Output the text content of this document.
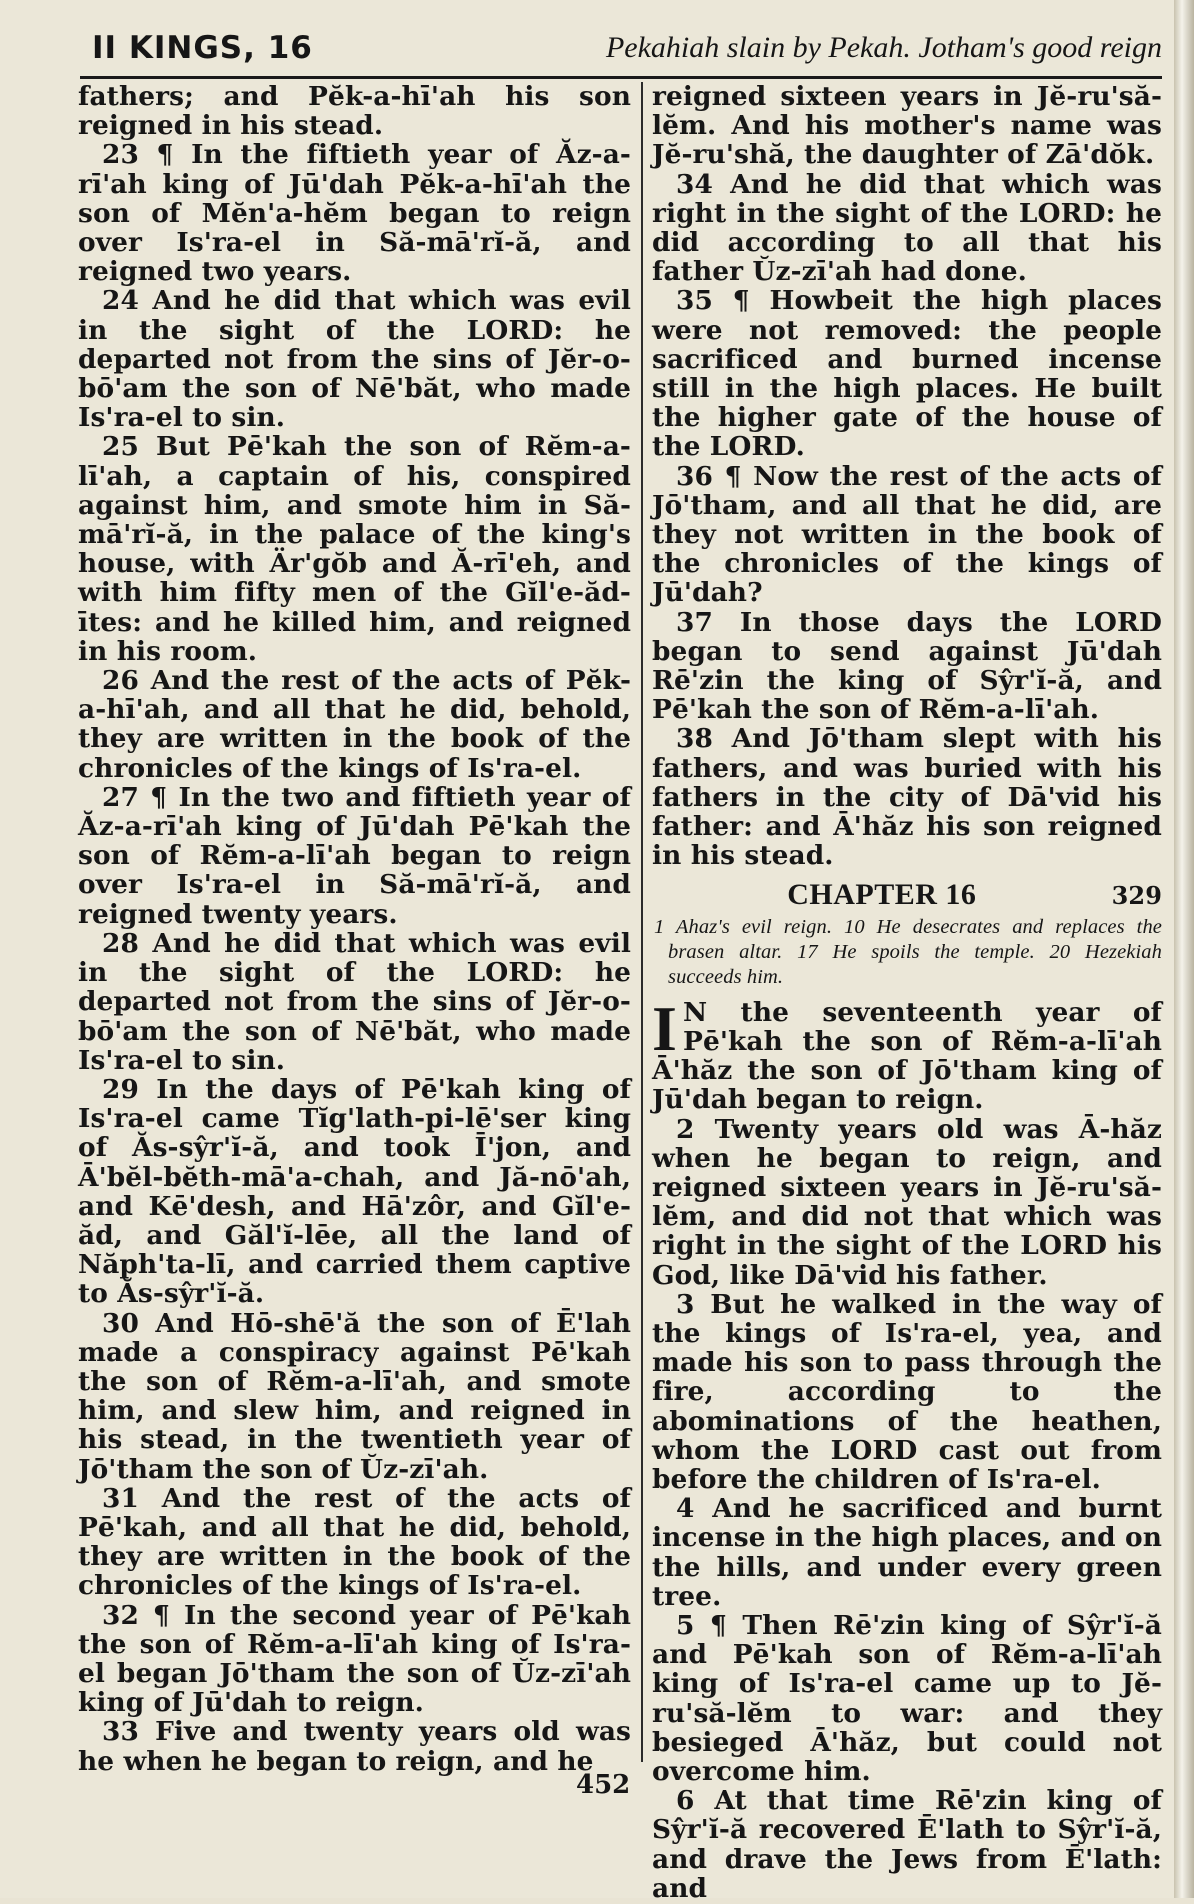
II KINGS, 16	Pekahiah slain by Pekah. Jotham's good reign

fathers; and Pĕk-a-hī'ah his son reigned in his stead.

23 ¶ In the fiftieth year of Ăz-a-rī'ah king of Jū'dah Pĕk-a-hī'ah the son of Mĕn'a-hĕm began to reign over Is'ra-el in Să-mā'rĭ-ă, and reigned two years.

24 And he did that which was evil in the sight of the LORD: he departed not from the sins of Jĕr-o-bō'am the son of Nē'băt, who made Is'ra-el to sin.

25 But Pē'kah the son of Rĕm-a-lī'ah, a captain of his, conspired against him, and smote him in Să-mā'rĭ-ă, in the palace of the king's house, with Är'gŏb and Ă-rī'eh, and with him fifty men of the Gĭl'e-ăd-ītes: and he killed him, and reigned in his room.

26 And the rest of the acts of Pĕk-a-hī'ah, and all that he did, behold, they are written in the book of the chronicles of the kings of Is'ra-el.

27 ¶ In the two and fiftieth year of Ăz-a-rī'ah king of Jū'dah Pē'kah the son of Rĕm-a-lī'ah began to reign over Is'ra-el in Să-mā'rĭ-ă, and reigned twenty years.

28 And he did that which was evil in the sight of the LORD: he departed not from the sins of Jĕr-o-bō'am the son of Nē'băt, who made Is'ra-el to sin.

29 In the days of Pē'kah king of Is'ra-el came Tĭg'lath-pi-lē'ser king of Ăs-sŷr'ĭ-ă, and took Ī'jon, and Ā'bĕl-bĕth-mā'a-chah, and Jă-nō'ah, and Kē'desh, and Hā'zôr, and Gĭl'e-ăd, and Găl'ĭ-lēe, all the land of Năph'ta-lī, and carried them captive to Ăs-sŷr'ĭ-ă.

30 And Hō-shē'ă the son of Ē'lah made a conspiracy against Pē'kah the son of Rĕm-a-lī'ah, and smote him, and slew him, and reigned in his stead, in the twentieth year of Jō'tham the son of Ŭz-zī'ah.

31 And the rest of the acts of Pē'kah, and all that he did, behold, they are written in the book of the chronicles of the kings of Is'ra-el.

32 ¶ In the second year of Pē'kah the son of Rĕm-a-lī'ah king of Is'ra-el began Jō'tham the son of Ŭz-zī'ah king of Jū'dah to reign.

33 Five and twenty years old was he when he began to reign, and he

reigned sixteen years in Jĕ-ru'să-lĕm. And his mother's name was Jĕ-ru'shă, the daughter of Zā'dŏk.

34 And he did that which was right in the sight of the LORD: he did according to all that his father Ŭz-zī'ah had done.

35 ¶ Howbeit the high places were not removed: the people sacrificed and burned incense still in the high places. He built the higher gate of the house of the LORD.

36 ¶ Now the rest of the acts of Jō'tham, and all that he did, are they not written in the book of the chronicles of the kings of Jū'dah?

37 In those days the LORD began to send against Jū'dah Rē'zin the king of Sŷr'ĭ-ă, and Pē'kah the son of Rĕm-a-lī'ah.

38 And Jō'tham slept with his fathers, and was buried with his fathers in the city of Dā'vid his father: and Ā'hăz his son reigned in his stead.

CHAPTER 16	329
1 Ahaz's evil reign. 10 He desecrates and replaces the brasen altar. 17 He spoils the temple. 20 Hezekiah succeeds him.

I N the seventeenth year of Pē'kah the son of Rĕm-a-lī'ah Ā'hăz the son of Jō'tham king of Jū'dah began to reign.

2 Twenty years old was Ā-hăz when he began to reign, and reigned sixteen years in Jĕ-ru'să-lĕm, and did not that which was right in the sight of the LORD his God, like Dā'vid his father.

3 But he walked in the way of the kings of Is'ra-el, yea, and made his son to pass through the fire, according to the abominations of the heathen, whom the LORD cast out from before the children of Is'ra-el.

4 And he sacrificed and burnt incense in the high places, and on the hills, and under every green tree.

5 ¶ Then Rē'zin king of Sŷr'ĭ-ă and Pē'kah son of Rĕm-a-lī'ah king of Is'ra-el came up to Jĕ-ru'să-lĕm to war: and they besieged Ā'hăz, but could not overcome him.

6 At that time Rē'zin king of Sŷr'ĭ-ă recovered Ē'lath to Sŷr'ĭ-ă, and drave the Jews from Ē'lath: and

452
